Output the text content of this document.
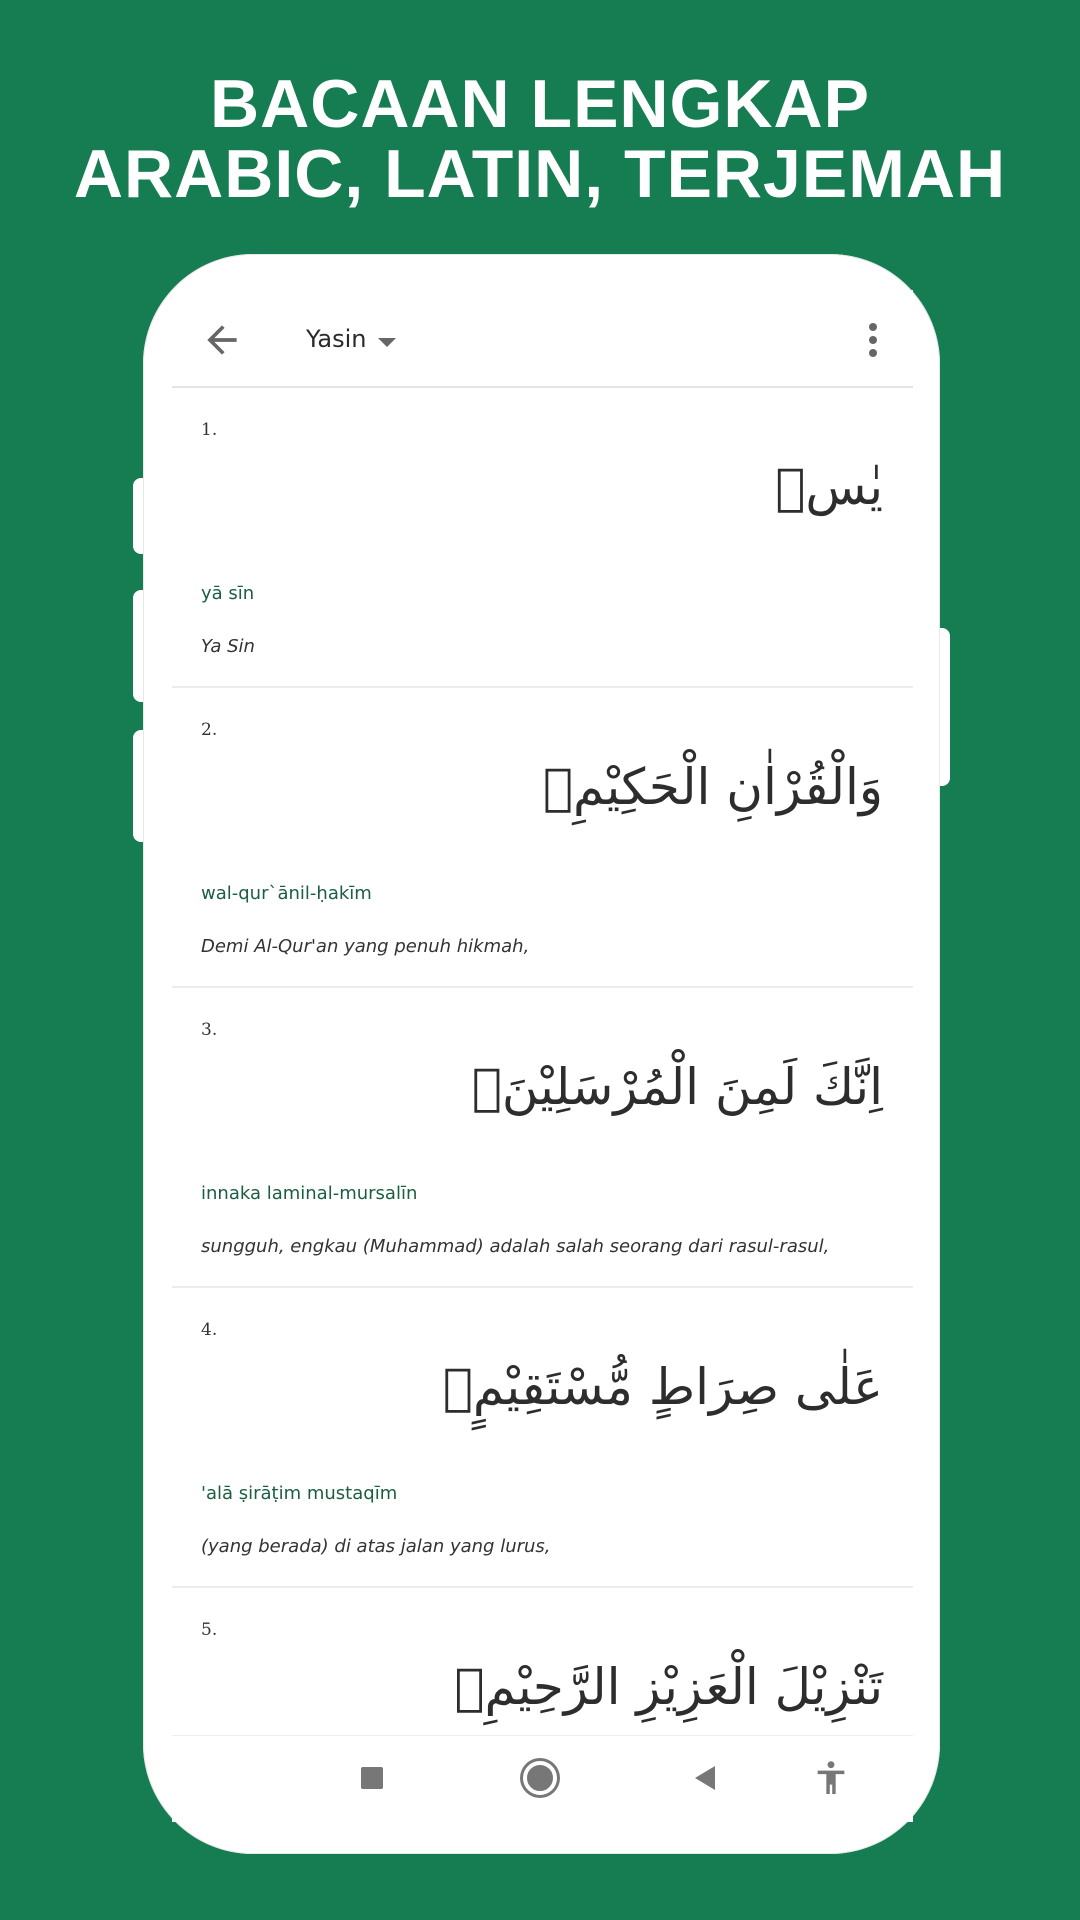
BACAAN LENGKAP
ARABIC, LATIN, TERJEMAH
Yasin
1.
يٰسۤ
yā sīn
Ya Sin
2.
وَالْقُرْاٰنِ الْحَكِيْمِۙ
wal-qur`ānil-ḥakīm
Demi Al-Qur'an yang penuh hikmah,
3.
اِنَّكَ لَمِنَ الْمُرْسَلِيْنَۙ
innaka laminal-mursalīn
sungguh, engkau (Muhammad) adalah salah seorang dari rasul-rasul,
4.
عَلٰى صِرَاطٍ مُّسْتَقِيْمٍۗ
'alā ṣirāṭim mustaqīm
(yang berada) di atas jalan yang lurus,
5.
تَنْزِيْلَ الْعَزِيْزِ الرَّحِيْمِۙ
